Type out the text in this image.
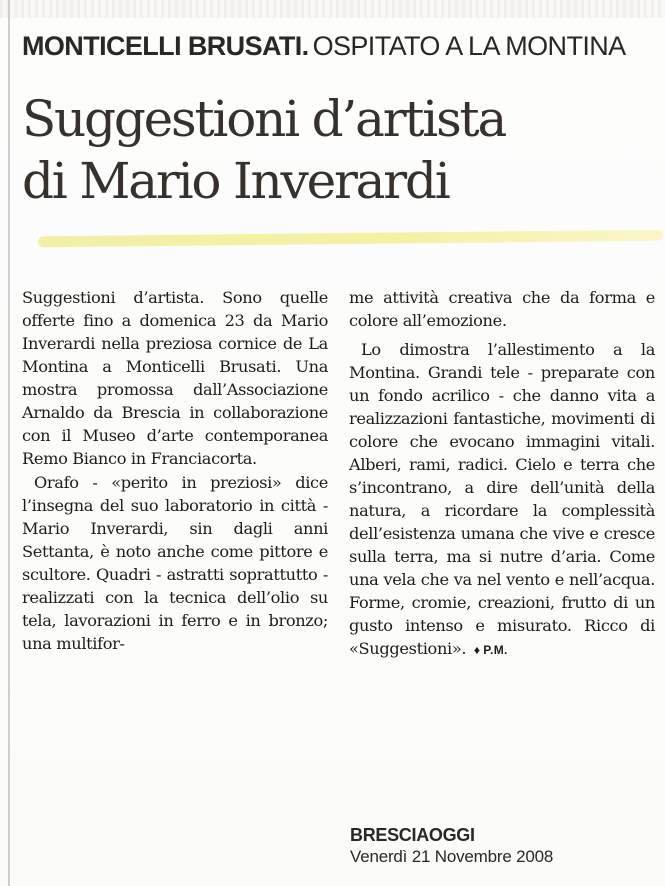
MONTICELLI BRUSATI. OSPITATO A LA MONTINA
Suggestioni d’artista
di Mario Inverardi

Suggestioni d’artista. Sono quelle offerte fino a domenica 23 da Mario Inverardi nella preziosa cornice de La Montina a Monticelli Brusati. Una mostra promossa dall’Associazione Arnaldo da Brescia in collaborazione con il Museo d’arte contemporanea Remo Bianco in Franciacorta.

Orafo - «perito in preziosi» dice l’insegna del suo laboratorio in città - Mario Inverardi, sin dagli anni Settanta, è noto anche come pittore e scultore. Quadri - astratti soprattutto - realizzati con la tecnica dell’olio su tela, lavorazioni in ferro e in bronzo; una multifor-

me attività creativa che da forma e colore all’emozione.

Lo dimostra l’allestimento a la Montina. Grandi tele - preparate con un fondo acrilico - che danno vita a realizzazioni fantastiche, movimenti di colore che evocano immagini vitali. Alberi, rami, radici. Cielo e terra che s’incontrano, a dire dell’unità della natura, a ricordare la complessità dell’esistenza umana che vive e cresce sulla terra, ma si nutre d’aria. Come una vela che va nel vento e nell’acqua. Forme, cromie, creazioni, frutto di un gusto intenso e misurato. Ricco di «Suggestioni». ♦ P.M.

BRESCIAOGGI
Venerdì 21 Novembre 2008
